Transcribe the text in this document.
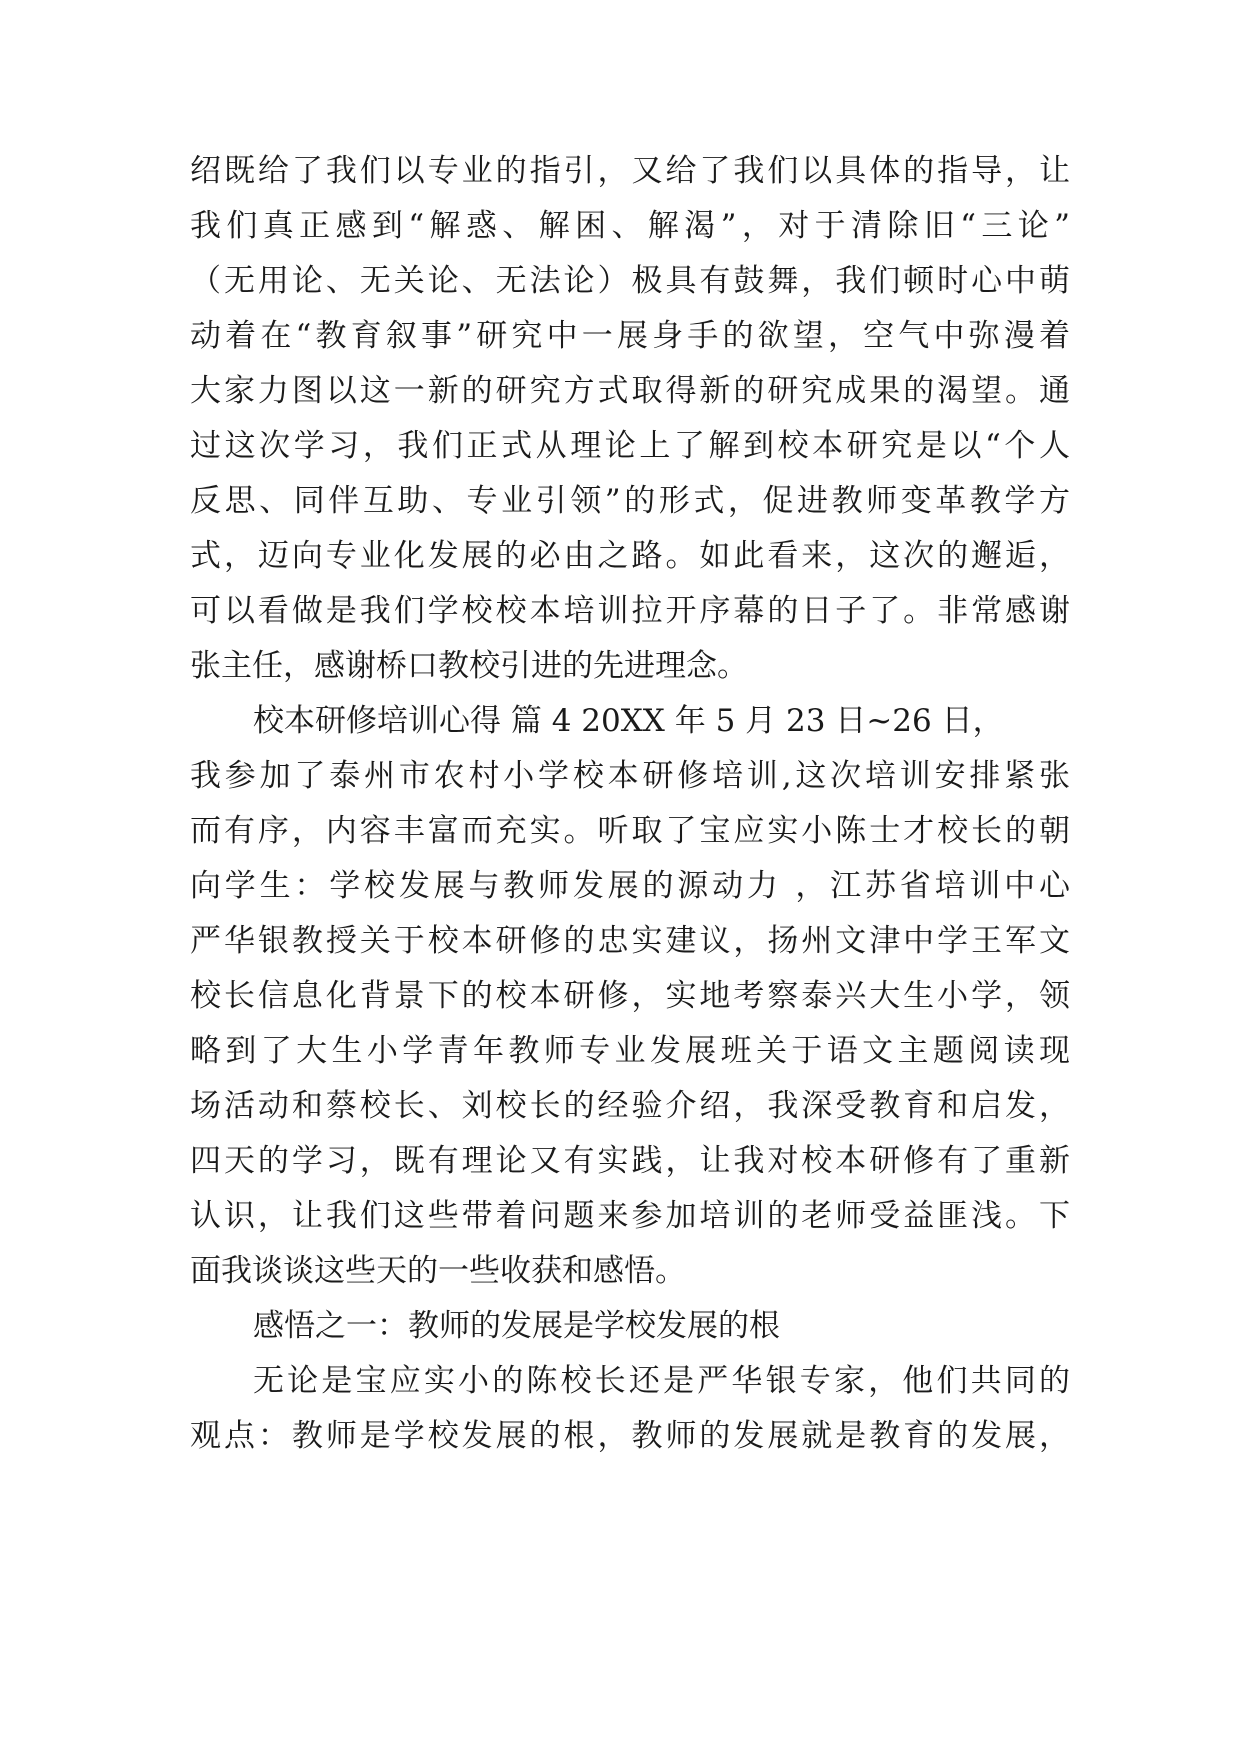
绍既给了我们以专业的指引，又给了我们以具体的指导，让
我们真正感到“解惑、解困、解渴”，对于清除旧“三论”
（无用论、无关论、无法论）极具有鼓舞，我们顿时心中萌
动着在“教育叙事”研究中一展身手的欲望，空气中弥漫着
大家力图以这一新的研究方式取得新的研究成果的渴望。通
过这次学习，我们正式从理论上了解到校本研究是以“个人
反思、同伴互助、专业引领”的形式，促进教师变革教学方
式，迈向专业化发展的必由之路。如此看来，这次的邂逅，
可以看做是我们学校校本培训拉开序幕的日子了。非常感谢
张主任，感谢桥口教校引进的先进理念。
校本研修培训心得 篇 4 20XX 年 5 月 23 日~26 日，
我参加了泰州市农村小学校本研修培训,这次培训安排紧张
而有序，内容丰富而充实。听取了宝应实小陈士才校长的朝
向学生：学校发展与教师发展的源动力 ，江苏省培训中心
严华银教授关于校本研修的忠实建议，扬州文津中学王军文
校长信息化背景下的校本研修，实地考察泰兴大生小学，领
略到了大生小学青年教师专业发展班关于语文主题阅读现
场活动和蔡校长、刘校长的经验介绍，我深受教育和启发，
四天的学习，既有理论又有实践，让我对校本研修有了重新
认识，让我们这些带着问题来参加培训的老师受益匪浅。下
面我谈谈这些天的一些收获和感悟。
感悟之一：教师的发展是学校发展的根
无论是宝应实小的陈校长还是严华银专家，他们共同的
观点：教师是学校发展的根，教师的发展就是教育的发展，
